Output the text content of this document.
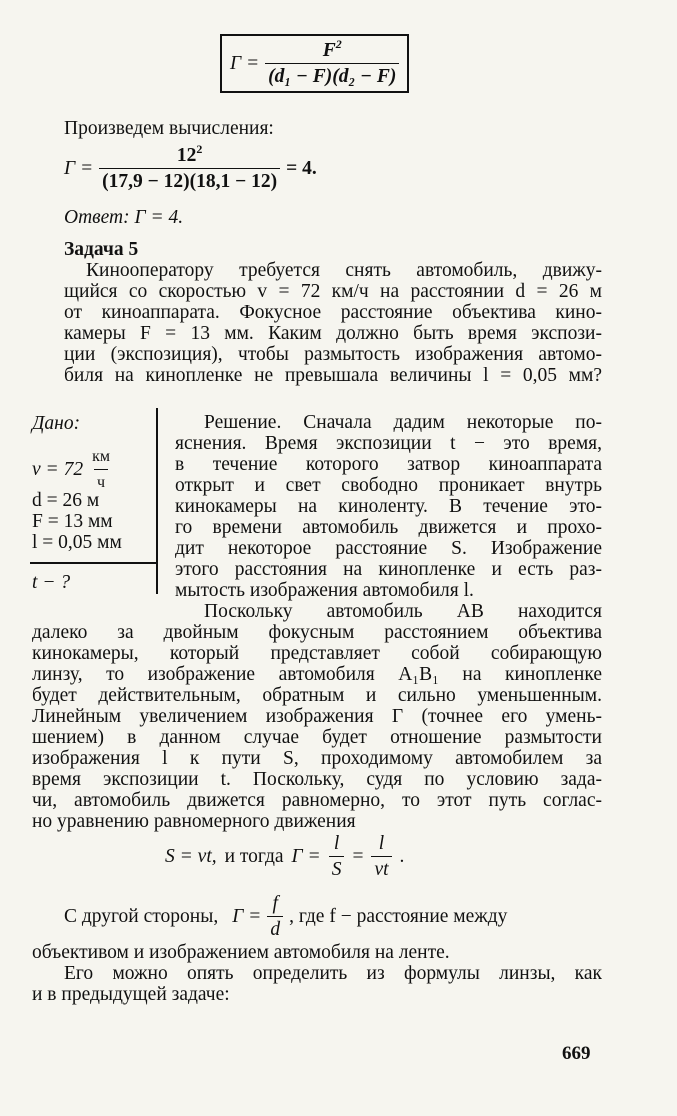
$\Gamma = \frac{F^2}{\text{(d₁ − F)(d₂ − F)}}$
Произведем вычисления:
$\Gamma = \frac{12^2}{(17,9 - 12)(18,1 - 12)} = 4$.
Ответ: Γ = 4.
Задача 5
Кинооператору требуется снять автомобиль, движу-
щийся со скоростью v = 72 км/ч на расстоянии d = 26 м
от киноаппарата. Фокусное расстояние объектива кино-
камеры F = 13 мм. Каким должно быть время экспози-
ции (экспозиция), чтобы размытость изображения автомо-
биля на кинопленке не превышала величины l = 0,05 мм?
Дано:
$v = 72 \frac{км}{ч}$
d = 26 м
F = 13 мм
l = 0,05 мм
t − ?
Решение. Сначала дадим некоторые по-
яснения. Время экспозиции t − это время,
в течение которого затвор киноаппарата
открыт и свет свободно проникает внутрь
кинокамеры на киноленту. В течение это-
го времени автомобиль движется и прохо-
дит некоторое расстояние S. Изображение
этого расстояния на кинопленке и есть раз-
мытость изображения автомобиля l.
Поскольку автомобиль AB находится
далеко за двойным фокусным расстоянием объектива
кинокамеры, который представляет собой собирающую
линзу, то изображение автомобиля A₁B₁ на кинопленке
будет действительным, обратным и сильно уменьшенным.
Линейным увеличением изображения Γ (точнее его умень-
шением) в данном случае будет отношение размытости
изображения l к пути S, проходимому автомобилем за
время экспозиции t. Поскольку, судя по условию зада-
чи, автомобиль движется равномерно, то этот путь соглас‑
но уравнению равномерного движения
S = vt, и тогда $\Gamma = \frac{l}{S} = \frac{l}{vt}$ .
С другой стороны, $\Gamma = \frac{f}{d}$ , где f − расстояние между
объективом и изображением автомобиля на ленте.
Его можно опять определить из формулы линзы, как
и в предыдущей задаче:
669
